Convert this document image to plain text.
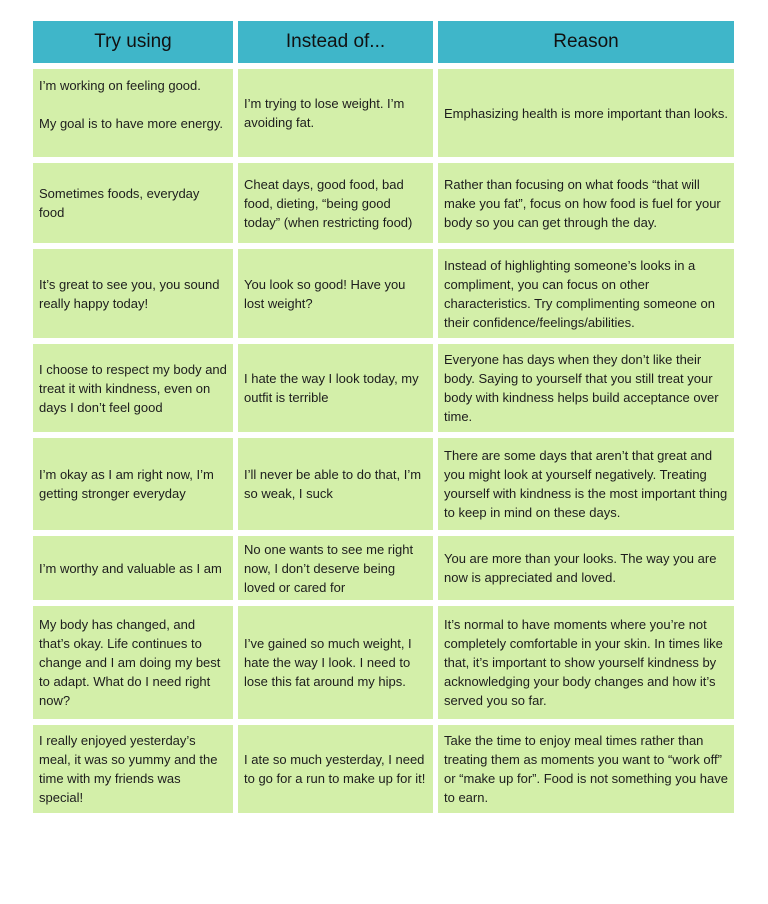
Try using	Instead of...	Reason
I’m working on feeling good.

My goal is to have more energy.
I’m trying to lose weight. I’m avoiding fat.
Emphasizing health is more important than looks.
Sometimes foods, everyday food
Cheat days, good food, bad food, dieting, “being good today” (when restricting food)
Rather than focusing on what foods “that will make you fat”, focus on how food is fuel for your body so you can get through the day.
It’s great to see you, you sound really happy today!
You look so good! Have you lost weight?
Instead of highlighting someone’s looks in a compliment, you can focus on other characteristics. Try complimenting someone on their confidence/feelings/abilities.
I choose to respect my body and treat it with kindness, even on days I don’t feel good
I hate the way I look today, my outfit is terrible
Everyone has days when they don’t like their body. Saying to yourself that you still treat your body with kindness helps build acceptance over time.
I’m okay as I am right now, I’m getting stronger everyday
I’ll never be able to do that, I’m so weak, I suck
There are some days that aren’t that great and you might look at yourself negatively. Treating yourself with kindness is the most important thing to keep in mind on these days.
I’m worthy and valuable as I am
No one wants to see me right now, I don’t deserve being loved or cared for
You are more than your looks. The way you are now is appreciated and loved.
My body has changed, and that’s okay. Life continues to change and I am doing my best to adapt. What do I need right now?
I’ve gained so much weight, I hate the way I look. I need to lose this fat around my hips.
It’s normal to have moments where you’re not completely comfortable in your skin. In times like that, it’s important to show yourself kindness by acknowledging your body changes and how it’s served you so far.
I really enjoyed yesterday’s meal, it was so yummy and the time with my friends was special!
I ate so much yesterday, I need to go for a run to make up for it!
Take the time to enjoy meal times rather than treating them as moments you want to “work off” or “make up for”. Food is not something you have to earn.
